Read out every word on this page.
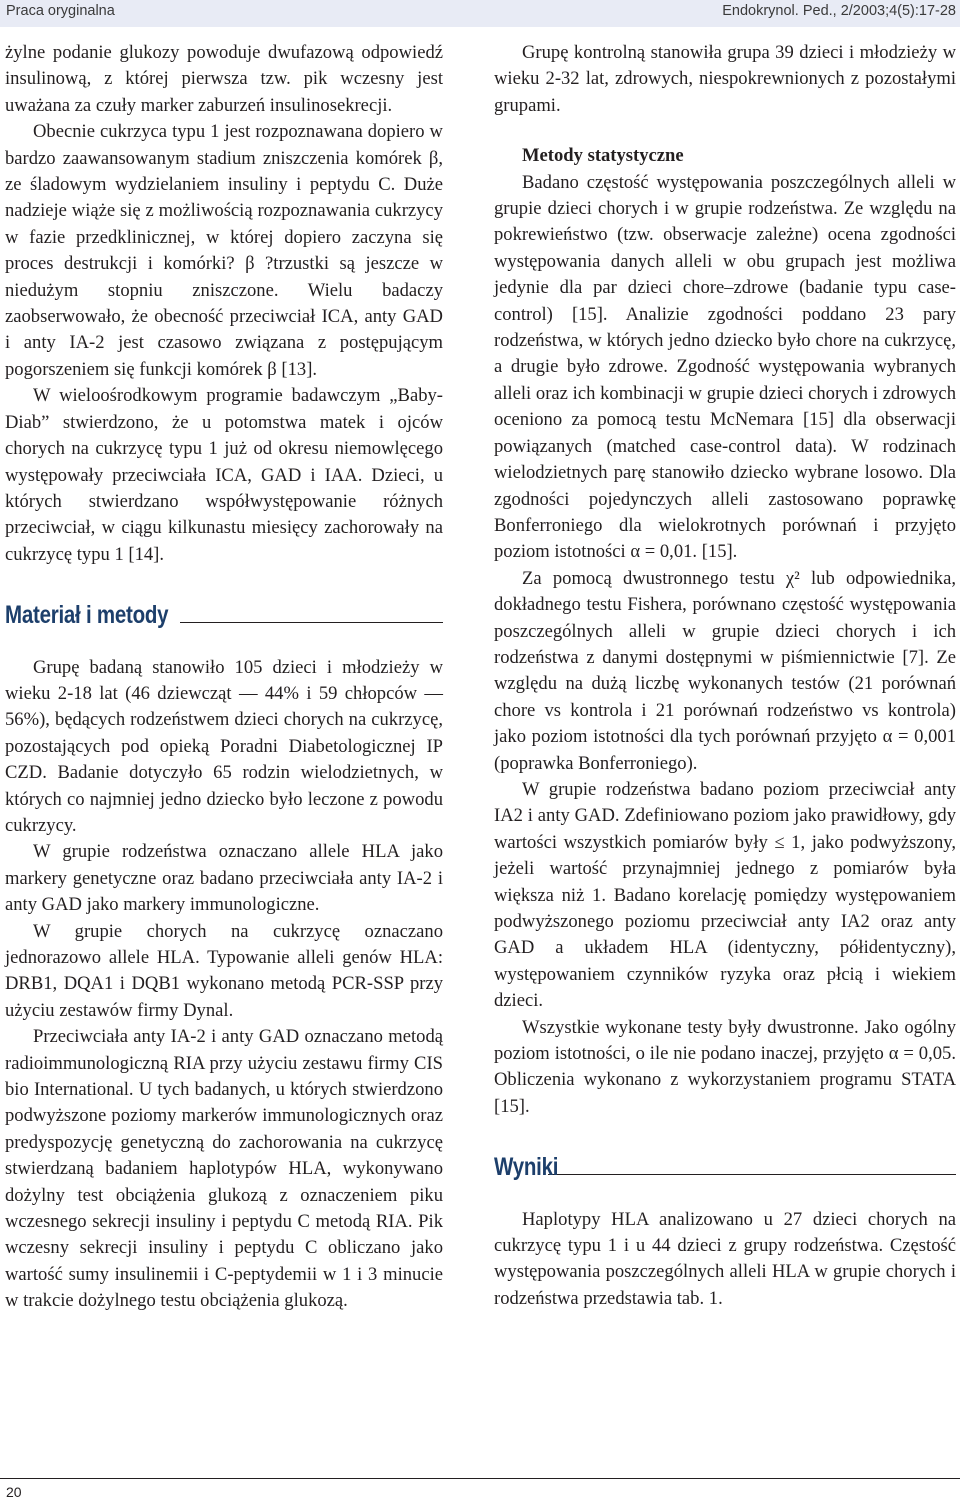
Praca oryginalna	Endokrynol. Ped., 2/2003;4(5):17-28

żylne podanie glukozy powoduje dwufazową odpowiedź insulinową, z której pierwsza tzw. pik wczesny jest uważana za czuły marker zaburzeń insulinosekrecji.

Obecnie cukrzyca typu 1 jest rozpoznawana dopiero w bardzo zaawansowanym stadium zniszczenia komórek β, ze śladowym wydzielaniem insuliny i peptydu C. Duże nadzieje wiąże się z możliwością rozpoznawania cukrzycy w fazie przedklinicznej, w której dopiero zaczyna się proces destrukcji i komórki? β ?trzustki są jeszcze w niedużym stopniu zniszczone. Wielu badaczy zaobserwowało, że obecność przeciwciał ICA, anty GAD i anty IA-2 jest czasowo związana z postępującym pogorszeniem się funkcji komórek β [13].

W wieloośrodkowym programie badawczym „Baby-Diab” stwierdzono, że u potomstwa matek i ojców chorych na cukrzycę typu 1 już od okresu niemowlęcego występowały przeciwciała ICA, GAD i IAA. Dzieci, u których stwierdzano współwystępowanie różnych przeciwciał, w ciągu kilkunastu miesięcy zachorowały na cukrzycę typu 1 [14].

Materiał i metody

Grupę badaną stanowiło 105 dzieci i młodzieży w wieku 2-18 lat (46 dziewcząt — 44% i 59 chłopców — 56%), będących rodzeństwem dzieci chorych na cukrzycę, pozostających pod opieką Poradni Diabetologicznej IP CZD. Badanie dotyczyło 65 rodzin wielodzietnych, w których co najmniej jedno dziecko było leczone z powodu cukrzycy.

W grupie rodzeństwa oznaczano allele HLA jako markery genetyczne oraz badano przeciwciała anty IA-2 i anty GAD jako markery immunologiczne.

W grupie chorych na cukrzycę oznaczano jednorazowo allele HLA. Typowanie alleli genów HLA: DRB1, DQA1 i DQB1 wykonano metodą PCR-SSP przy użyciu zestawów firmy Dynal.

Przeciwciała anty IA-2 i anty GAD oznaczano metodą radioimmunologiczną RIA przy użyciu zestawu firmy CIS bio International. U tych badanych, u których stwierdzono podwyższone poziomy markerów immunologicznych oraz predyspozycję genetyczną do zachorowania na cukrzycę stwierdzaną badaniem haplotypów HLA, wykonywano dożylny test obciążenia glukozą z oznaczeniem piku wczesnego sekrecji insuliny i peptydu C metodą RIA. Pik wczesny sekrecji insuliny i peptydu C obliczano jako wartość sumy insulinemii i C-peptydemii w 1 i 3 minucie w trakcie dożylnego testu obciążenia glukozą.

Grupę kontrolną stanowiła grupa 39 dzieci i młodzieży w wieku 2-32 lat, zdrowych, niespokrewnionych z pozostałymi grupami.

Metody statystyczne

Badano częstość występowania poszczególnych alleli w grupie dzieci chorych i w grupie rodzeństwa. Ze względu na pokrewieństwo (tzw. obserwacje zależne) ocena zgodności występowania danych alleli w obu grupach jest możliwa jedynie dla par dzieci chore–zdrowe (badanie typu case-control) [15]. Analizie zgodności poddano 23 pary rodzeństwa, w których jedno dziecko było chore na cukrzycę, a drugie było zdrowe. Zgodność występowania wybranych alleli oraz ich kombinacji w grupie dzieci chorych i zdrowych oceniono za pomocą testu McNemara [15] dla obserwacji powiązanych (matched case-control data). W rodzinach wielodzietnych parę stanowiło dziecko wybrane losowo. Dla zgodności pojedynczych alleli zastosowano poprawkę Bonferroniego dla wielokrotnych porównań i przyjęto poziom istotności α = 0,01. [15].

Za pomocą dwustronnego testu χ² lub odpowiednika, dokładnego testu Fishera, porównano częstość występowania poszczególnych alleli w grupie dzieci chorych i ich rodzeństwa z danymi dostępnymi w piśmiennictwie [7]. Ze względu na dużą liczbę wykonanych testów (21 porównań chore vs kontrola i 21 porównań rodzeństwo vs kontrola) jako poziom istotności dla tych porównań przyjęto α = 0,001 (poprawka Bonferroniego).

W grupie rodzeństwa badano poziom przeciwciał anty IA2 i anty GAD. Zdefiniowano poziom jako prawidłowy, gdy wartości wszystkich pomiarów były ≤ 1, jako podwyższony, jeżeli wartość przynajmniej jednego z pomiarów była większa niż 1. Badano korelację pomiędzy występowaniem podwyższonego poziomu przeciwciał anty IA2 oraz anty GAD a układem HLA (identyczny, półidentyczny), występowaniem czynników ryzyka oraz płcią i wiekiem dzieci.

Wszystkie wykonane testy były dwustronne. Jako ogólny poziom istotności, o ile nie podano inaczej, przyjęto α = 0,05. Obliczenia wykonano z wykorzystaniem programu STATA [15].

Wyniki

Haplotypy HLA analizowano u 27 dzieci chorych na cukrzycę typu 1 i u 44 dzieci z grupy rodzeństwa. Częstość występowania poszczególnych alleli HLA w grupie chorych i rodzeństwa przedstawia tab. 1.

20
